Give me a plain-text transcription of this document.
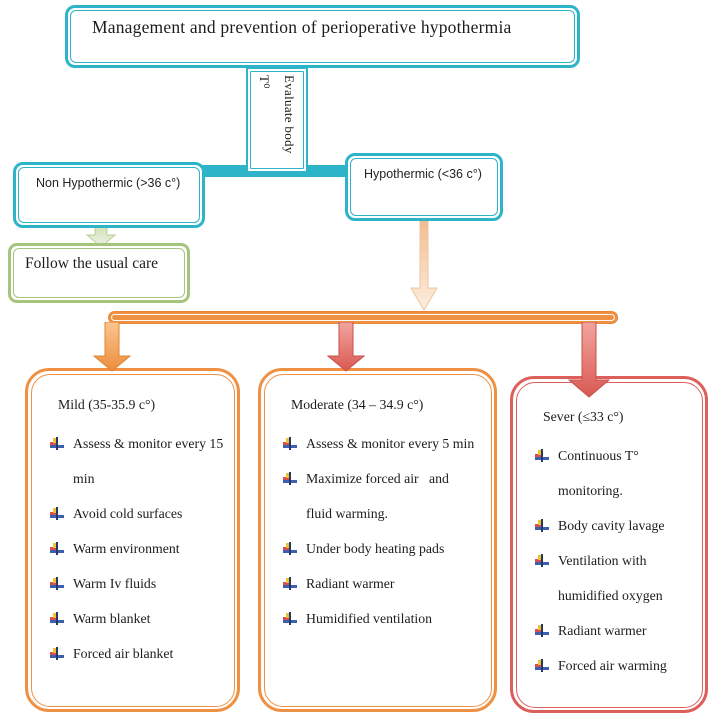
Management and prevention of perioperative hypothermia
Evaluate body T⁰
Non Hypothermic (>36 c°)
Hypothermic (<36 c°)
Follow the usual care
Mild (35-35.9 c°)
Assess & monitor every 15 min
Avoid cold surfaces
Warm environment
Warm Iv fluids
Warm blanket
Forced air blanket
Moderate (34 – 34.9 c°)
Assess & monitor every 5 min
Maximize forced air   and fluid warming.
Under body heating pads
Radiant warmer
Humidified ventilation
Sever (≤33 c°)
Continuous T° monitoring.
Body cavity lavage
Ventilation with humidified oxygen
Radiant warmer
Forced air warming
